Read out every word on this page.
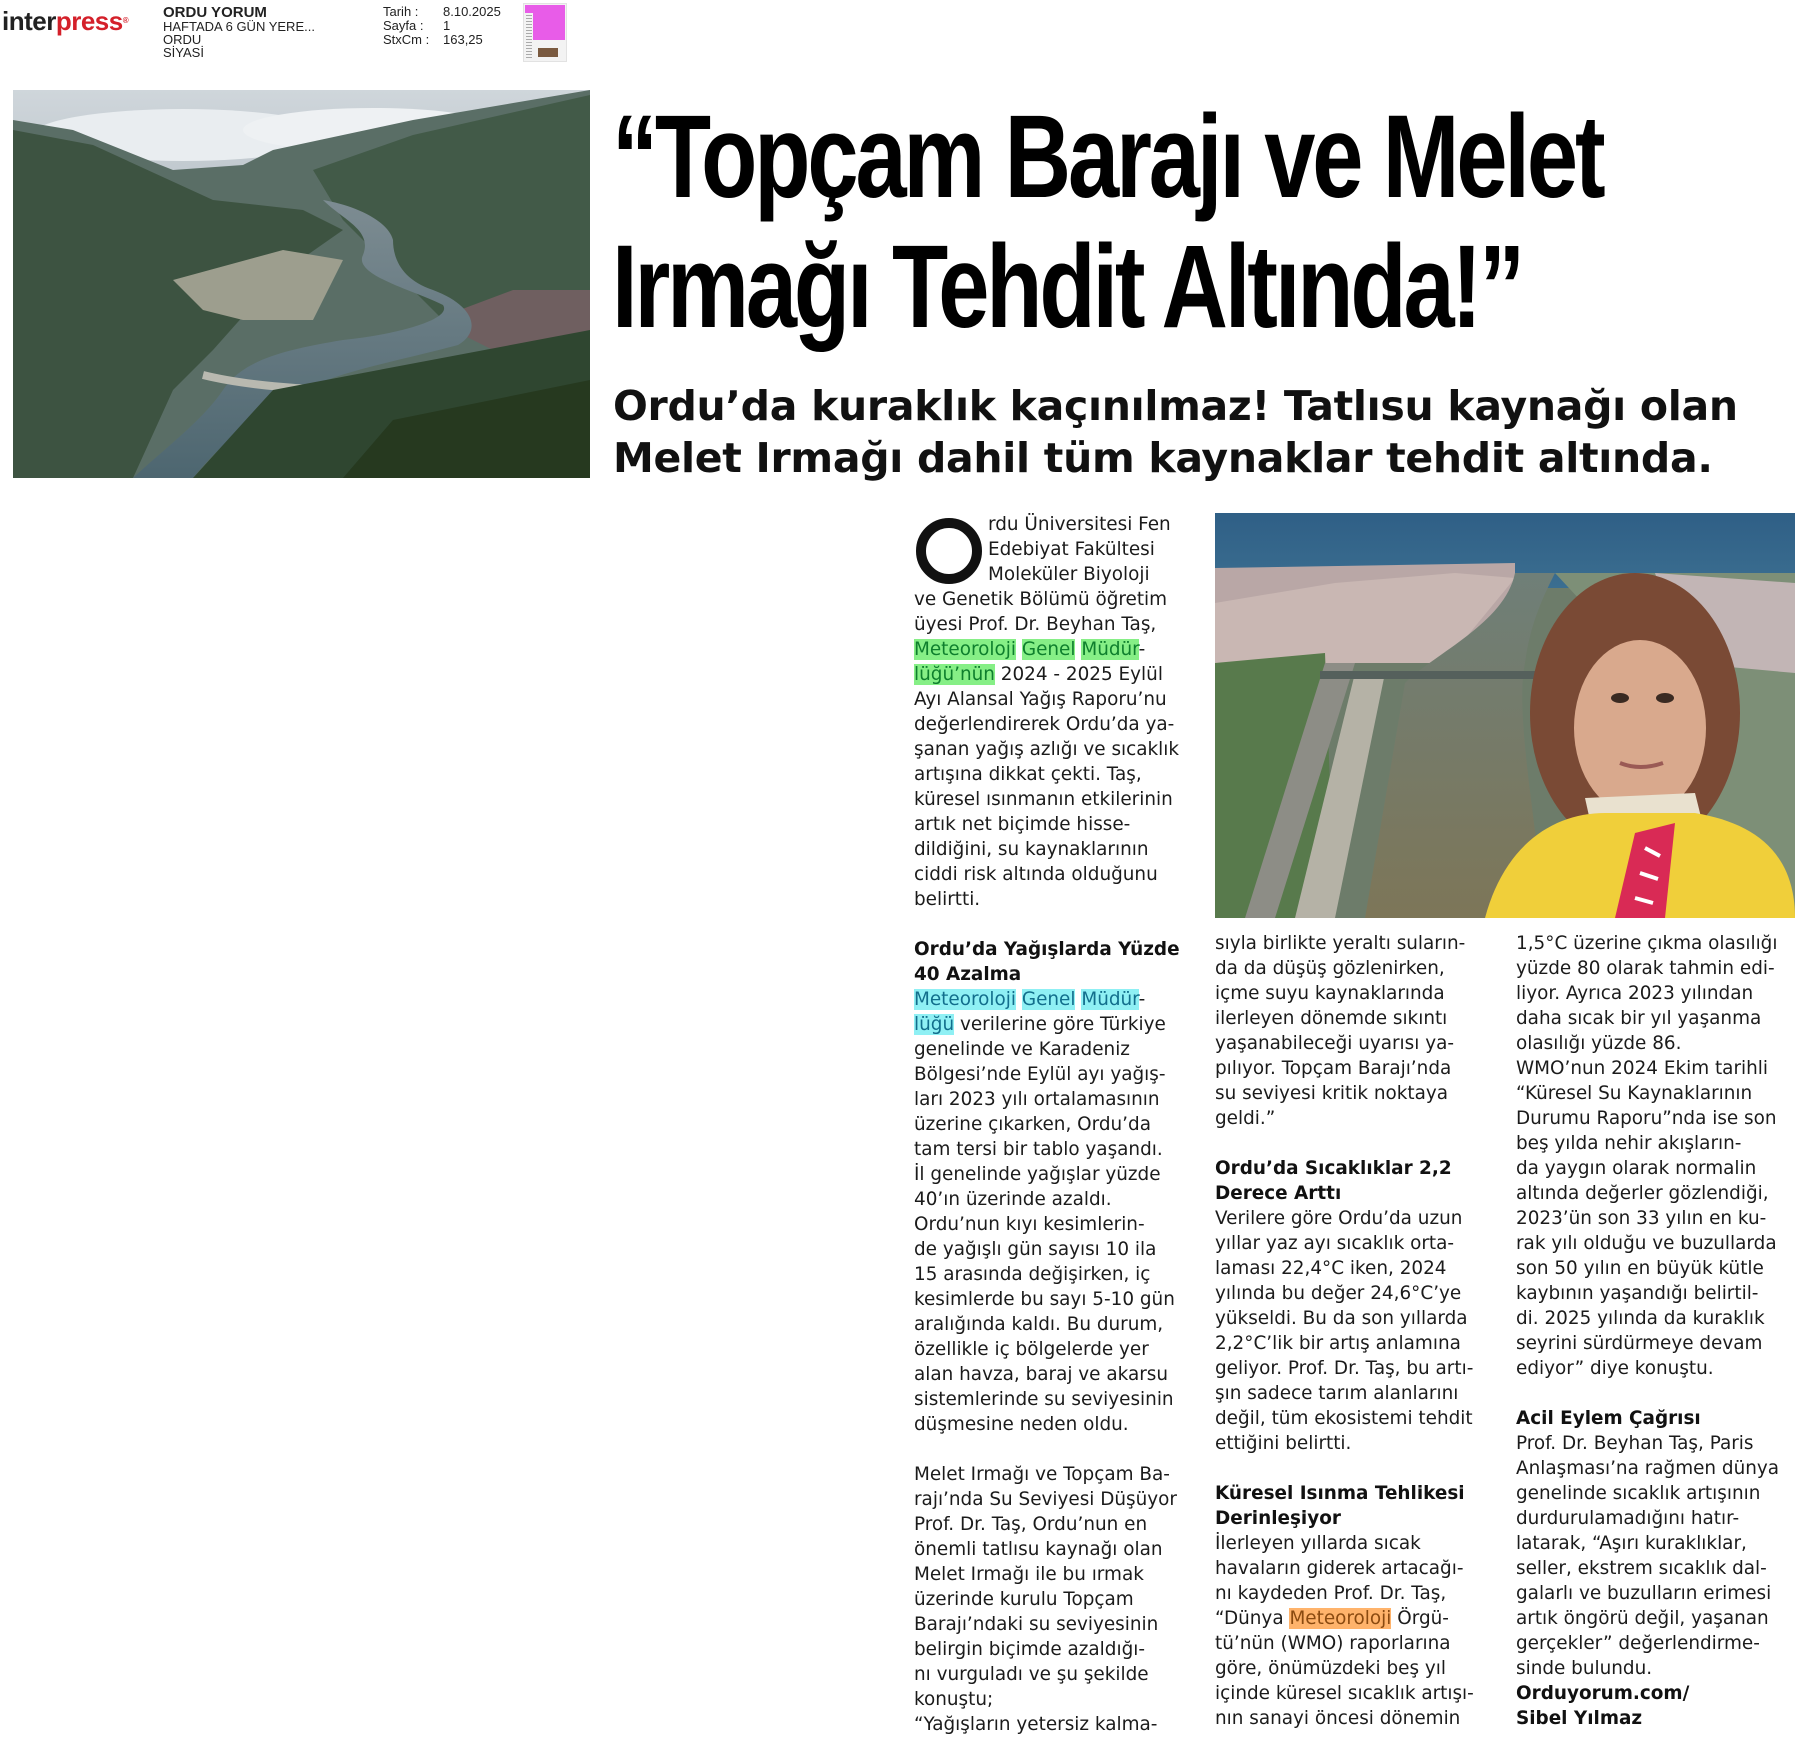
interpress® ORDU YORUM
HAFTADA 6 GÜN YERE...
ORDU
SİYASİ
Tarih :	8.10.2025
Sayfa :	1
StxCm :	163,25
“Topçam Barajı ve Melet
Irmağı Tehdit Altında!”
Ordu’da kuraklık kaçınılmaz! Tatlısu kaynağı olan
Melet Irmağı dahil tüm kaynaklar tehdit altında.
O	rdu Üniversitesi Fen

Edebiyat Fakültesi

Moleküler Biyoloji

ve Genetik Bölümü öğretim

üyesi Prof. Dr. Beyhan Taş,

Meteoroloji Genel Müdür-

lüğü’nün 2024 - 2025 Eylül

Ayı Alansal Yağış Raporu’nu

değerlendirerek Ordu’da ya-

şanan yağış azlığı ve sıcaklık

artışına dikkat çekti. Taş,

küresel ısınmanın etkilerinin

artık net biçimde hisse-

dildiğini, su kaynaklarının

ciddi risk altında olduğunu

belirtti.

Ordu’da Yağışlarda Yüzde

40 Azalma

Meteoroloji Genel Müdür-

lüğü verilerine göre Türkiye

genelinde ve Karadeniz

Bölgesi’nde Eylül ayı yağış-

ları 2023 yılı ortalamasının

üzerine çıkarken, Ordu’da

tam tersi bir tablo yaşandı.

İl genelinde yağışlar yüzde

40’ın üzerinde azaldı.

Ordu’nun kıyı kesimlerin-

de yağışlı gün sayısı 10 ila

15 arasında değişirken, iç

kesimlerde bu sayı 5-10 gün

aralığında kaldı. Bu durum,

özellikle iç bölgelerde yer

alan havza, baraj ve akarsu

sistemlerinde su seviyesinin

düşmesine neden oldu.

Melet Irmağı ve Topçam Ba-

rajı’nda Su Seviyesi Düşüyor

Prof. Dr. Taş, Ordu’nun en

önemli tatlısu kaynağı olan

Melet Irmağı ile bu ırmak

üzerinde kurulu Topçam

Barajı’ndaki su seviyesinin

belirgin biçimde azaldığı-

nı vurguladı ve şu şekilde

konuştu;

“Yağışların yetersiz kalma-

sıyla birlikte yeraltı suların-

da da düşüş gözlenirken,

içme suyu kaynaklarında

ilerleyen dönemde sıkıntı

yaşanabileceği uyarısı ya-

pılıyor. Topçam Barajı’nda

su seviyesi kritik noktaya

geldi.”

Ordu’da Sıcaklıklar 2,2

Derece Arttı

Verilere göre Ordu’da uzun

yıllar yaz ayı sıcaklık orta-

laması 22,4°C iken, 2024

yılında bu değer 24,6°C’ye

yükseldi. Bu da son yıllarda

2,2°C’lik bir artış anlamına

geliyor. Prof. Dr. Taş, bu artı-

şın sadece tarım alanlarını

değil, tüm ekosistemi tehdit

ettiğini belirtti.

Küresel Isınma Tehlikesi

Derinleşiyor

İlerleyen yıllarda sıcak

havaların giderek artacağı-

nı kaydeden Prof. Dr. Taş,

“Dünya Meteoroloji Örgü-

tü’nün (WMO) raporlarına

göre, önümüzdeki beş yıl

içinde küresel sıcaklık artışı-

nın sanayi öncesi dönemin

1,5°C üzerine çıkma olasılığı

yüzde 80 olarak tahmin edi-

liyor. Ayrıca 2023 yılından

daha sıcak bir yıl yaşanma

olasılığı yüzde 86.

WMO’nun 2024 Ekim tarihli

“Küresel Su Kaynaklarının

Durumu Raporu”nda ise son

beş yılda nehir akışların-

da yaygın olarak normalin

altında değerler gözlendiği,

2023’ün son 33 yılın en ku-

rak yılı olduğu ve buzullarda

son 50 yılın en büyük kütle

kaybının yaşandığı belirtil-

di. 2025 yılında da kuraklık

seyrini sürdürmeye devam

ediyor” diye konuştu.

Acil Eylem Çağrısı

Prof. Dr. Beyhan Taş, Paris

Anlaşması’na rağmen dünya

genelinde sıcaklık artışının

durdurulamadığını hatır-

latarak, “Aşırı kuraklıklar,

seller, ekstrem sıcaklık dal-

galarlı ve buzulların erimesi

artık öngörü değil, yaşanan

gerçekler” değerlendirme-

sinde bulundu.

Orduyorum.com/

Sibel Yılmaz
